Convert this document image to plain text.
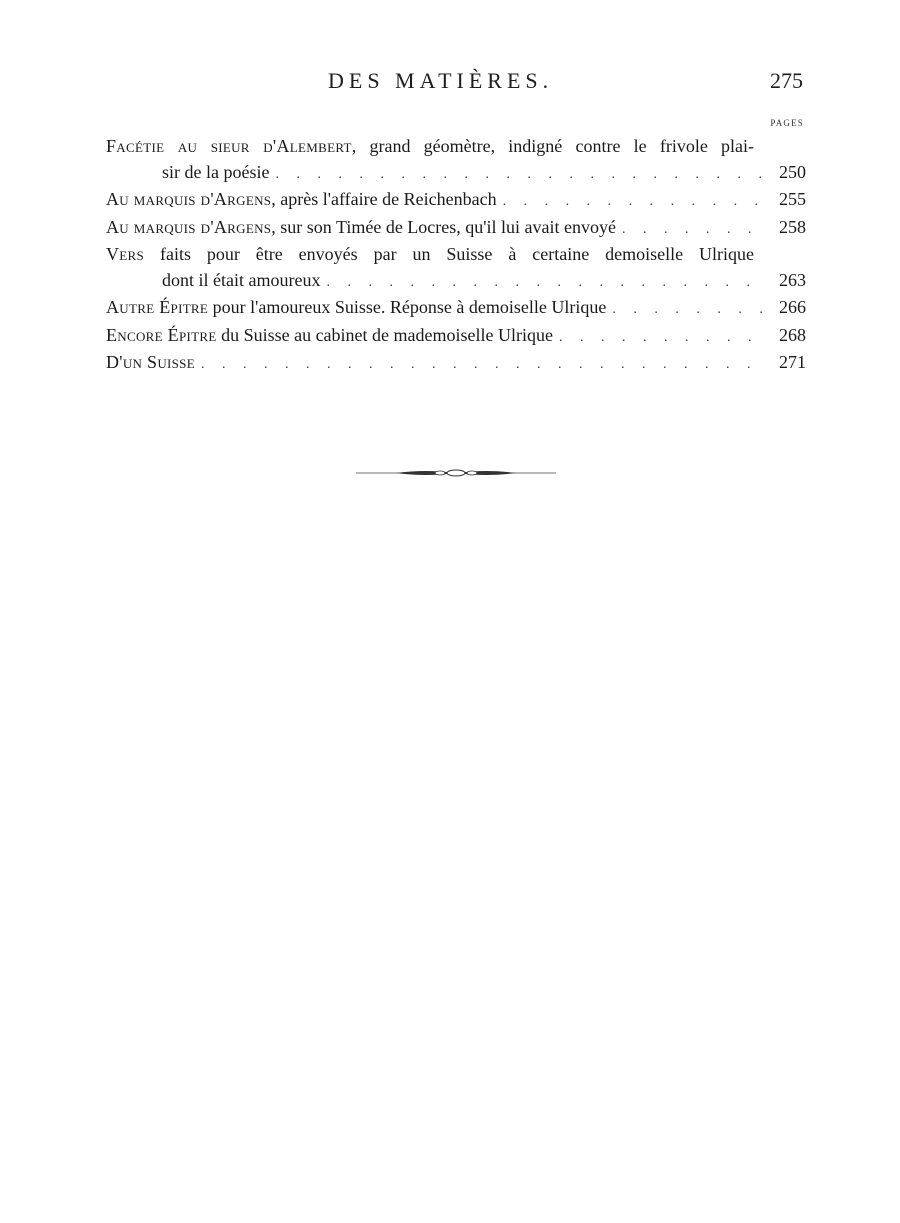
DES MATIÈRES.	275
PAGES
Facétie au sieur d'Alembert, grand géomètre, indigné contre le frivole plai-
sir de la poésie . . .	250
Au marquis d'Argens, après l'affaire de Reichenbach . . .	255
Au marquis d'Argens, sur son Timée de Locres, qu'il lui avait envoyé . . .	258
Vers faits pour être envoyés par un Suisse à certaine demoiselle Ulrique
dont il était amoureux . . .	263
Autre Épitre pour l'amoureux Suisse. Réponse à demoiselle Ulrique . . .	266
Encore Épitre du Suisse au cabinet de mademoiselle Ulrique . . .	268
D'un Suisse . . .	271
